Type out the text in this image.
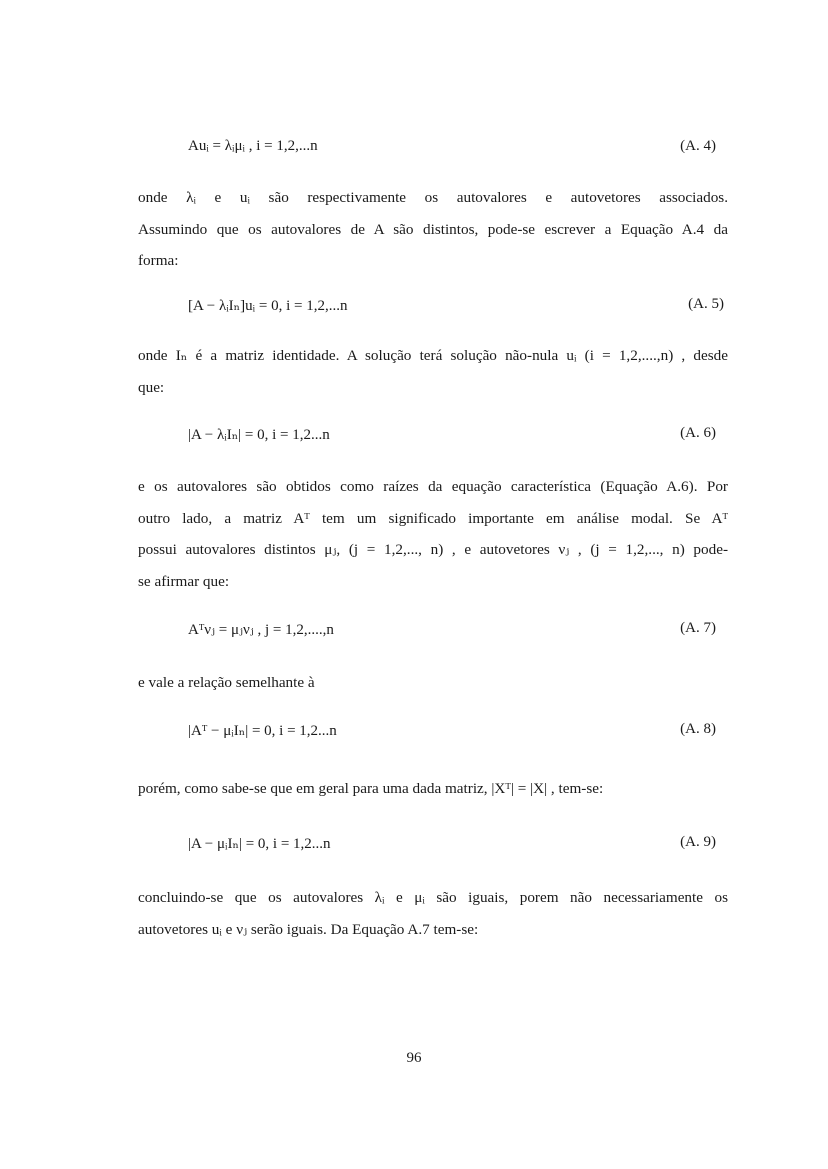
Auᵢ = λᵢμᵢ , i = 1,2,...n	(A. 4)
onde λᵢ e uᵢ são respectivamente os autovalores e autovetores associados.
Assumindo que os autovalores de A são distintos, pode-se escrever a Equação A.4 da
forma:
[A − λᵢIₙ]uᵢ = 0, i = 1,2,...n	(A. 5)
onde Iₙ é a matriz identidade. A solução terá solução não-nula uᵢ (i = 1,2,....,n) , desde
que:
|A − λᵢIₙ| = 0, i = 1,2...n	(A. 6)
e os autovalores são obtidos como raízes da equação característica (Equação A.6). Por
outro lado, a matriz Aᵀ tem um significado importante em análise modal. Se Aᵀ
possui autovalores distintos μⱼ, (j = 1,2,..., n) , e autovetores νⱼ , (j = 1,2,..., n) pode-
se afirmar que:
Aᵀνⱼ = μⱼνⱼ , j = 1,2,....,n	(A. 7)
e vale a relação semelhante à
|Aᵀ − μᵢIₙ| = 0, i = 1,2...n	(A. 8)
porém, como sabe-se que em geral para uma dada matriz, |Xᵀ| = |X| , tem-se:
|A − μᵢIₙ| = 0, i = 1,2...n	(A. 9)
concluindo-se que os autovalores λᵢ e μᵢ são iguais, porem não necessariamente os
autovetores uᵢ e νⱼ serão iguais. Da Equação A.7 tem-se:
96
